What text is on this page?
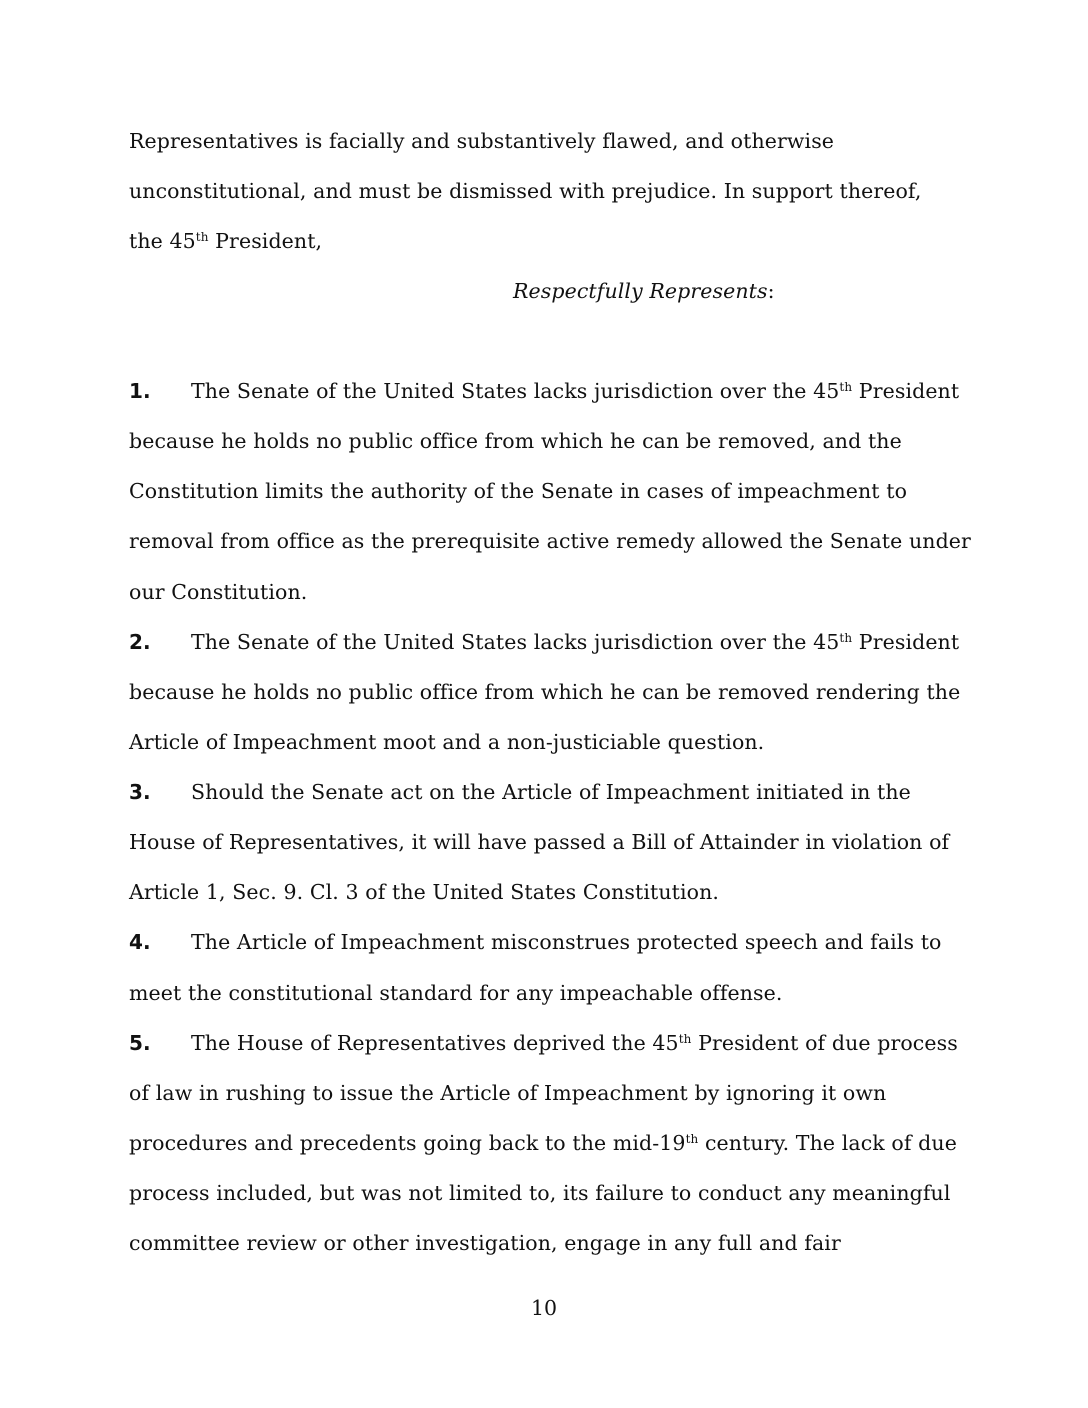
Representatives is facially and substantively flawed, and otherwise
unconstitutional, and must be dismissed with prejudice. In support thereof,
the 45th President,
Respectfully Represents:
1. The Senate of the United States lacks jurisdiction over the 45th President
because he holds no public office from which he can be removed, and the
Constitution limits the authority of the Senate in cases of impeachment to
removal from office as the prerequisite active remedy allowed the Senate under
our Constitution.
2. The Senate of the United States lacks jurisdiction over the 45th President
because he holds no public office from which he can be removed rendering the
Article of Impeachment moot and a non-justiciable question.
3. Should the Senate act on the Article of Impeachment initiated in the
House of Representatives, it will have passed a Bill of Attainder in violation of
Article 1, Sec. 9. Cl. 3 of the United States Constitution.
4. The Article of Impeachment misconstrues protected speech and fails to
meet the constitutional standard for any impeachable offense.
5. The House of Representatives deprived the 45th President of due process
of law in rushing to issue the Article of Impeachment by ignoring it own
procedures and precedents going back to the mid-19th century. The lack of due
process included, but was not limited to, its failure to conduct any meaningful
committee review or other investigation, engage in any full and fair
10
